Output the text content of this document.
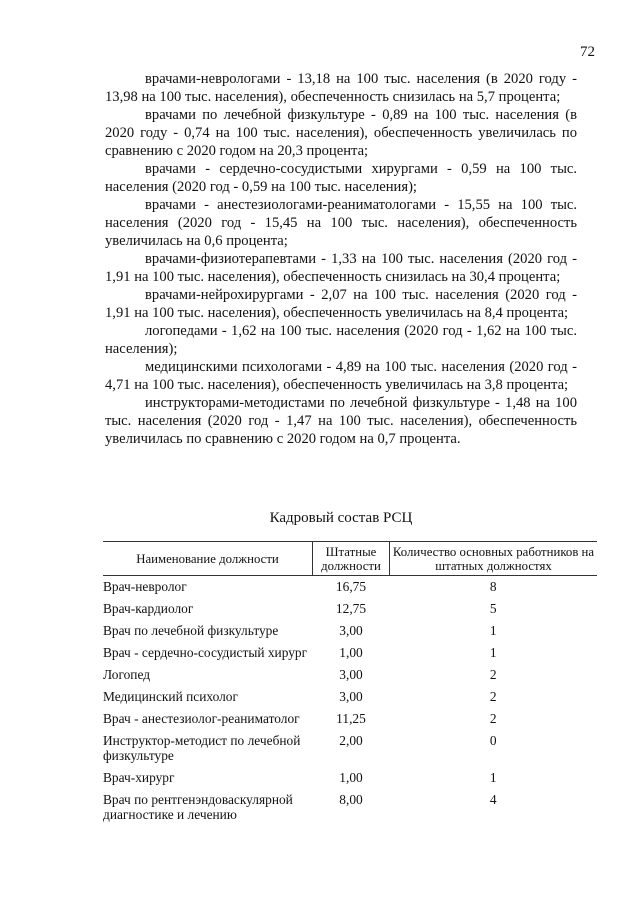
72

врачами-неврологами - 13,18 на 100 тыс. населения (в 2020 году - 13,98 на 100 тыс. населения), обеспеченность снизилась на 5,7 процента;

врачами по лечебной физкультуре - 0,89 на 100 тыс. населения (в 2020 году - 0,74 на 100 тыс. населения), обеспеченность увеличилась по сравнению с 2020 годом на 20,3 процента;

врачами - сердечно-сосудистыми хирургами - 0,59 на 100 тыс. населения (2020 год - 0,59 на 100 тыс. населения);

врачами - анестезиологами-реаниматологами - 15,55 на 100 тыс. населения (2020 год - 15,45 на 100 тыс. населения), обеспеченность увеличилась на 0,6 процента;

врачами-физиотерапевтами - 1,33 на 100 тыс. населения (2020 год - 1,91 на 100 тыс. населения), обеспеченность снизилась на 30,4 процента;

врачами-нейрохирургами - 2,07 на 100 тыс. населения (2020 год - 1,91 на 100 тыс. населения), обеспеченность увеличилась на 8,4 процента;

логопедами - 1,62 на 100 тыс. населения (2020 год - 1,62 на 100 тыс. населения);

медицинскими психологами - 4,89 на 100 тыс. населения (2020 год - 4,71 на 100 тыс. населения), обеспеченность увеличилась на 3,8 процента;

инструкторами-методистами по лечебной физкультуре - 1,48 на 100 тыс. населения (2020 год - 1,47 на 100 тыс. населения), обеспеченность увеличилась по сравнению с 2020 годом на 0,7 процента.

Кадровый состав РСЦ
Наименование должности	Штатные должности	Количество основных работников на штатных должностях
Врач-невролог	16,75	8
Врач-кардиолог	12,75	5
Врач по лечебной физкультуре	3,00	1
Врач - сердечно-сосудистый хирург	1,00	1
Логопед	3,00	2
Медицинский психолог	3,00	2
Врач - анестезиолог-реаниматолог	11,25	2
Инструктор-методист по лечебной физкультуре	2,00	0
Врач-хирург	1,00	1
Врач по рентгенэндоваскулярной диагностике и лечению	8,00	4
